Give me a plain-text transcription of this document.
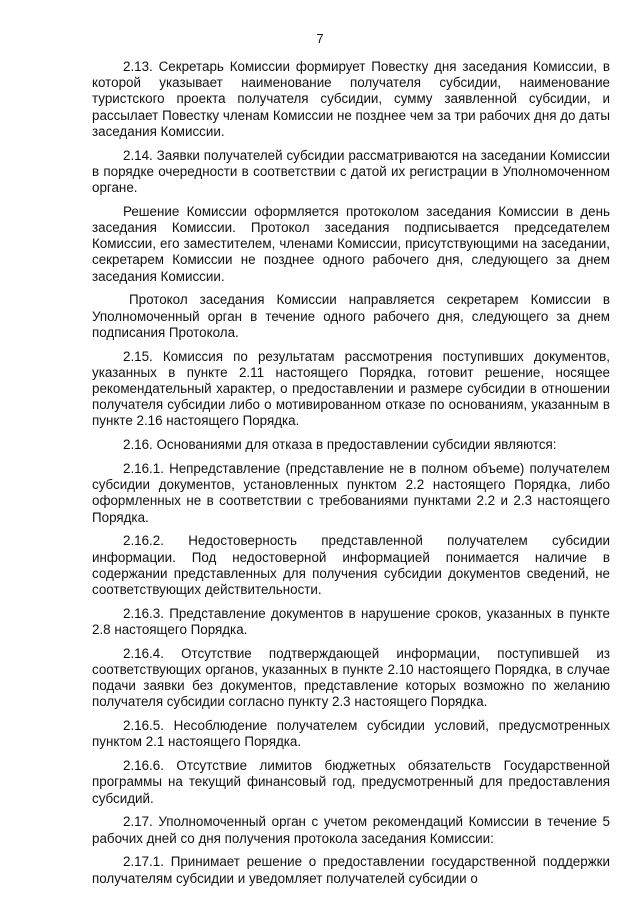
7

2.13. Секретарь Комиссии формирует Повестку дня заседания Комиссии, в которой указывает наименование получателя субсидии, наименование туристского проекта получателя субсидии, сумму заявленной субсидии, и рассылает Повестку членам Комиссии не позднее чем за три рабочих дня до даты заседания Комиссии.

2.14. Заявки получателей субсидии рассматриваются на заседании Комиссии в порядке очередности в соответствии с датой их регистрации в Уполномоченном органе.

Решение Комиссии оформляется протоколом заседания Комиссии в день заседания Комиссии. Протокол заседания подписывается председателем Комиссии, его заместителем, членами Комиссии, присутствующими на заседании, секретарем Комиссии не позднее одного рабочего дня, следующего за днем заседания Комиссии.

Протокол заседания Комиссии направляется секретарем Комиссии в Уполномоченный орган в течение одного рабочего дня, следующего за днем подписания Протокола.

2.15. Комиссия по результатам рассмотрения поступивших документов, указанных в пункте 2.11 настоящего Порядка, готовит решение, носящее рекомендательный характер, о предоставлении и размере субсидии в отношении получателя субсидии либо о мотивированном отказе по основаниям, указанным в пункте 2.16 настоящего Порядка.

2.16. Основаниями для отказа в предоставлении субсидии являются:

2.16.1. Непредставление (представление не в полном объеме) получателем субсидии документов, установленных пунктом 2.2 настоящего Порядка, либо оформленных не в соответствии с требованиями пунктами 2.2 и 2.3 настоящего Порядка.

2.16.2. Недостоверность представленной получателем субсидии информации. Под недостоверной информацией понимается наличие в содержании представленных для получения субсидии документов сведений, не соответствующих действительности.

2.16.3. Представление документов в нарушение сроков, указанных в пункте 2.8 настоящего Порядка.

2.16.4. Отсутствие подтверждающей информации, поступившей из соответствующих органов, указанных в пункте 2.10 настоящего Порядка, в случае подачи заявки без документов, представление которых возможно по желанию получателя субсидии согласно пункту 2.3 настоящего Порядка.

2.16.5. Несоблюдение получателем субсидии условий, предусмотренных пунктом 2.1 настоящего Порядка.

2.16.6. Отсутствие лимитов бюджетных обязательств Государственной программы на текущий финансовый год, предусмотренный для предоставления субсидий.

2.17. Уполномоченный орган с учетом рекомендаций Комиссии в течение 5 рабочих дней со дня получения протокола заседания Комиссии:

2.17.1. Принимает решение о предоставлении государственной поддержки получателям субсидии и уведомляет получателей субсидии о
